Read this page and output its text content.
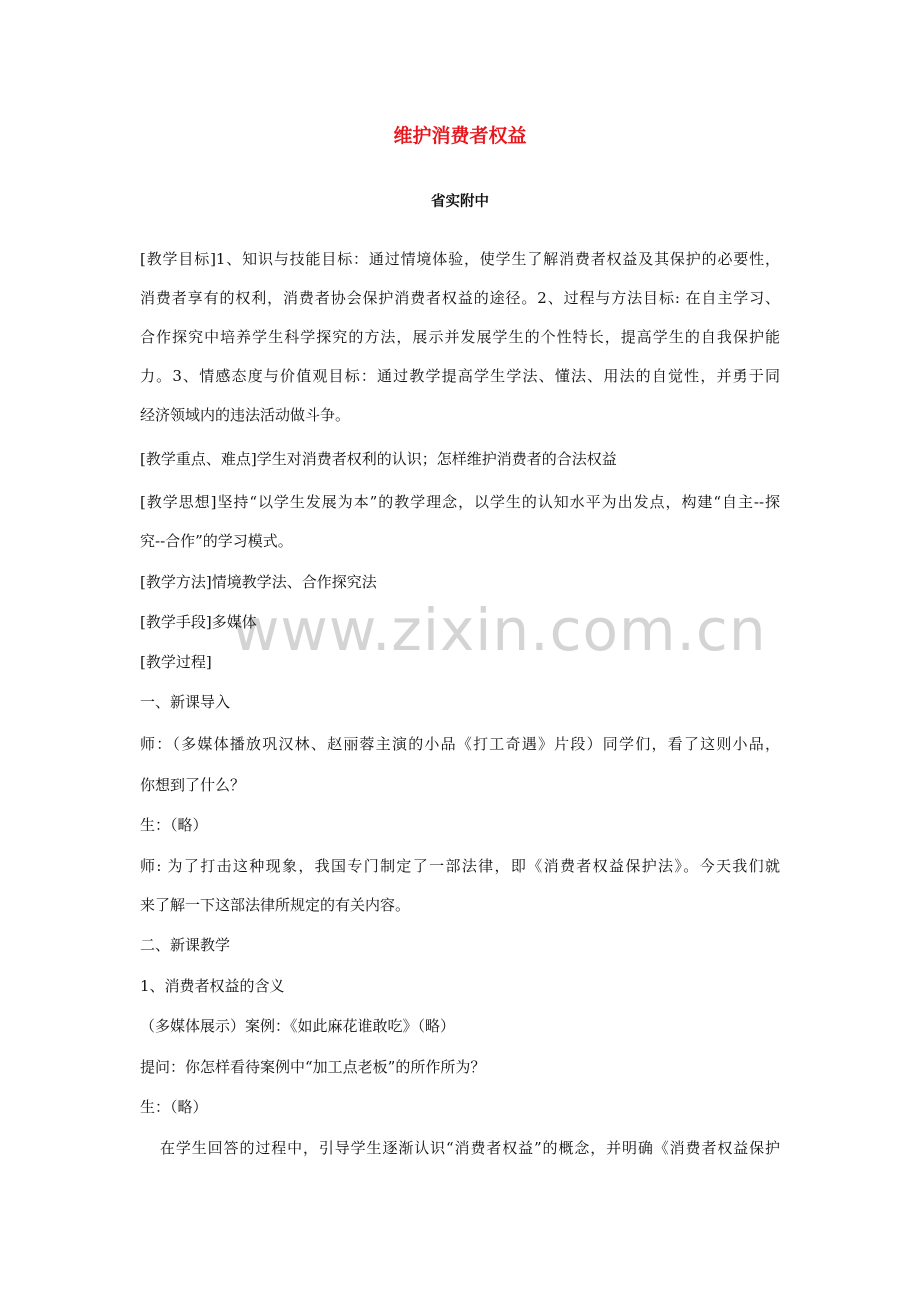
www.zixin.com.cn
维护消费者权益
省实附中
[教学目标]1、知识与技能目标：通过情境体验，使学生了解消费者权益及其保护的必要性，
消费者享有的权利，消费者协会保护消费者权益的途径。2、过程与方法目标: 在自主学习、
合作探究中培养学生科学探究的方法，展示并发展学生的个性特长，提高学生的自我保护能
力。3、情感态度与价值观目标：通过教学提高学生学法、懂法、用法的自觉性，并勇于同
经济领域内的违法活动做斗争。
[教学重点、难点]学生对消费者权利的认识；怎样维护消费者的合法权益
[教学思想]坚持“以学生发展为本”的教学理念，以学生的认知水平为出发点，构建“自主--探
究--合作”的学习模式。
[教学方法]情境教学法、合作探究法
[教学手段]多媒体
[教学过程]
一、新课导入
师：（多媒体播放巩汉林、赵丽蓉主演的小品《打工奇遇》片段）同学们，看了这则小品，
你想到了什么？
生：（略）
师: 为了打击这种现象，我国专门制定了一部法律，即《消费者权益保护法》。今天我们就
来了解一下这部法律所规定的有关内容。
二、新课教学
1、消费者权益的含义
（多媒体展示）案例：《如此麻花谁敢吃》（略）
提问：你怎样看待案例中“加工点老板”的所作所为？
生：（略）
在学生回答的过程中，引导学生逐渐认识“消费者权益”的概念，并明确《消费者权益保护
